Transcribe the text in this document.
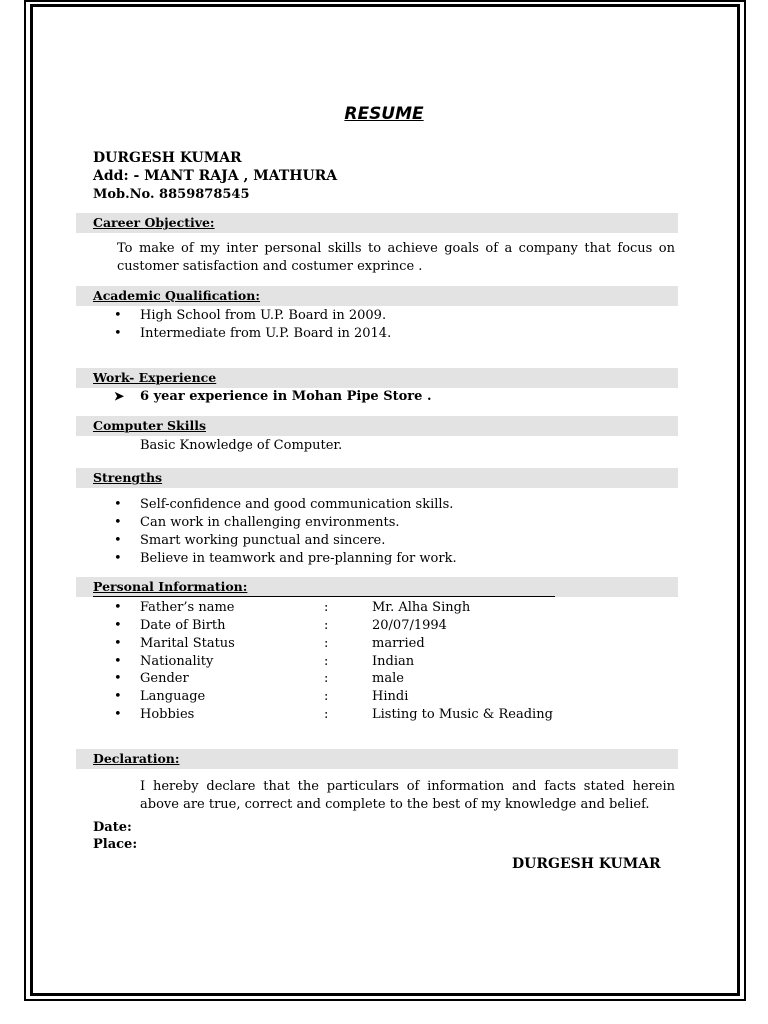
RESUME
DURGESH KUMAR
Add: - MANT RAJA , MATHURA
Mob.No. 8859878545
Career Objective:
To make of my inter personal skills to achieve goals of a company that focus on customer satisfaction and costumer exprince .
Academic Qualification:
• High School from U.P. Board in 2009.
• Intermediate from U.P. Board in 2014.
Work- Experience
➤ 6 year experience in Mohan Pipe Store .
Computer Skills
Basic Knowledge of Computer.
Strengths
• Self-confidence and good communication skills.
• Can work in challenging environments.
• Smart working punctual and sincere.
• Believe in teamwork and pre-planning for work.
Personal Information:
• Father’s name	:	Mr. Alha Singh
• Date of Birth	:	20/07/1994
• Marital Status	:	married
• Nationality	:	Indian
• Gender	:	male
• Language	:	Hindi
• Hobbies	:	Listing to Music & Reading
Declaration:
I hereby declare that the particulars of information and facts stated herein above are true, correct and complete to the best of my knowledge and belief.
Date:
Place:
DURGESH KUMAR
